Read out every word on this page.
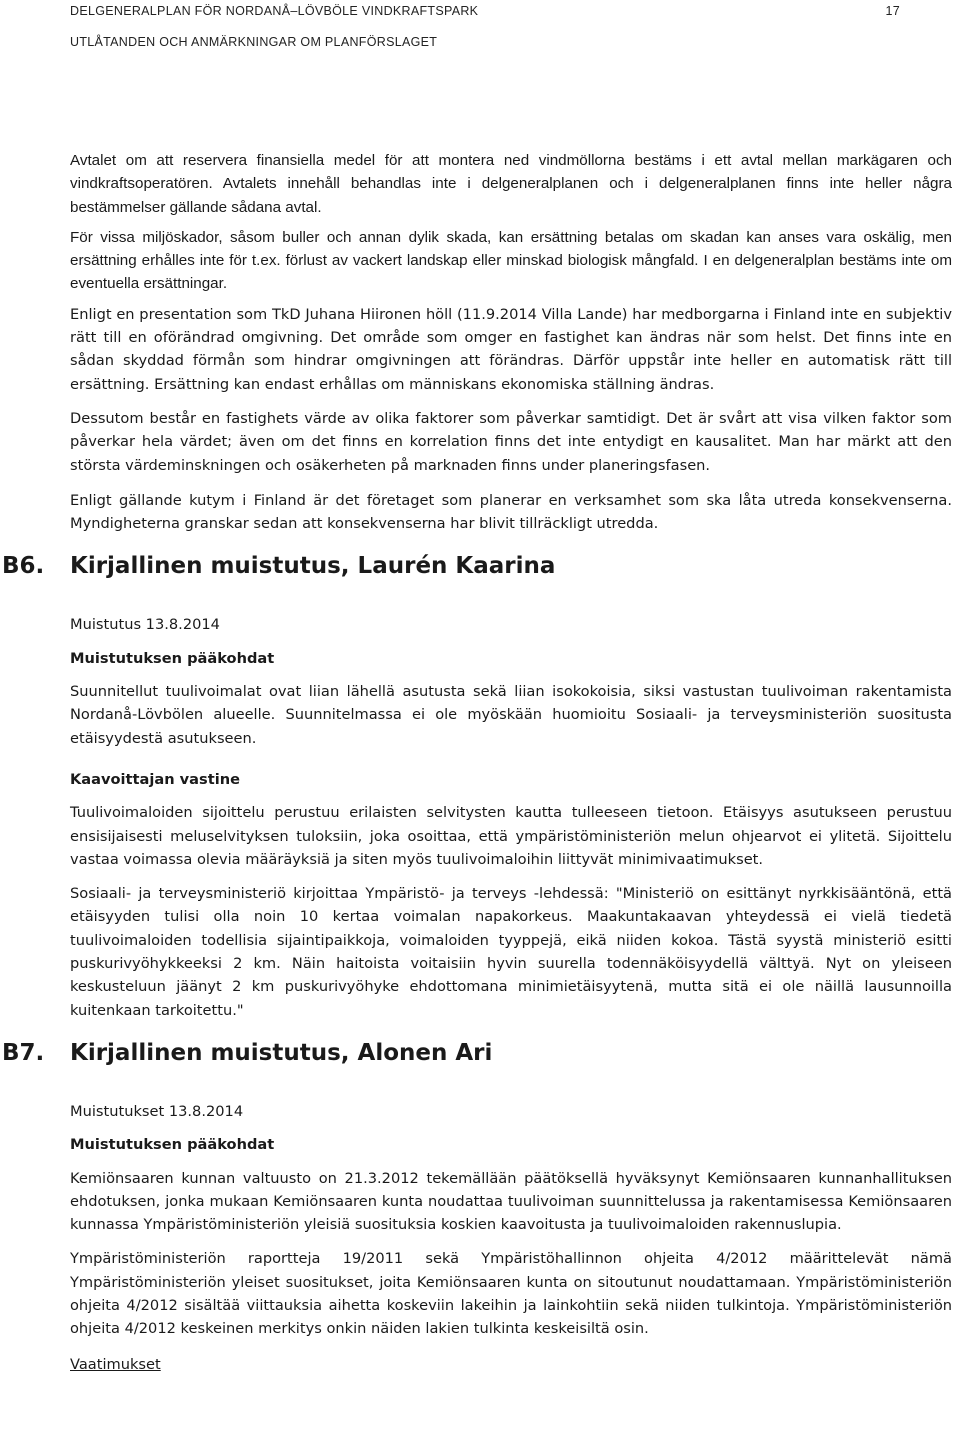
DELGENERALPLAN FÖR NORDANÅ–LÖVBÖLE VINDKRAFTSPARK	17
UTLÅTANDEN OCH ANMÄRKNINGAR OM PLANFÖRSLAGET

Avtalet om att reservera finansiella medel för att montera ned vindmöllorna bestäms i ett avtal mellan markägaren och vindkraftsoperatören. Avtalets innehåll behandlas inte i delgeneralplanen och i delgeneralplanen finns inte heller några bestämmelser gällande sådana avtal.

För vissa miljöskador, såsom buller och annan dylik skada, kan ersättning betalas om skadan kan anses vara oskälig, men ersättning erhålles inte för t.ex. förlust av vackert landskap eller minskad biologisk mångfald. I en delgeneralplan bestäms inte om eventuella ersättningar.

Enligt en presentation som TkD Juhana Hiironen höll (11.9.2014 Villa Lande) har medborgarna i Finland inte en subjektiv rätt till en oförändrad omgivning. Det område som omger en fastighet kan ändras när som helst. Det finns inte en sådan skyddad förmån som hindrar omgivningen att förändras. Därför uppstår inte heller en automatisk rätt till ersättning. Ersättning kan endast erhållas om människans ekonomiska ställning ändras.

Dessutom består en fastighets värde av olika faktorer som påverkar samtidigt. Det är svårt att visa vilken faktor som påverkar hela värdet; även om det finns en korrelation finns det inte entydigt en kausalitet. Man har märkt att den största värdeminskningen och osäkerheten på marknaden finns under planeringsfasen.

Enligt gällande kutym i Finland är det företaget som planerar en verksamhet som ska låta utreda konsekvenserna. Myndigheterna granskar sedan att konsekvenserna har blivit tillräckligt utredda.

B6. Kirjallinen muistutus, Laurén Kaarina
Muistutus 13.8.2014
Muistutuksen pääkohdat

Suunnitellut tuulivoimalat ovat liian lähellä asutusta sekä liian isokokoisia, siksi vastustan tuulivoiman rakentamista Nordanå-Lövbölen alueelle. Suunnitelmassa ei ole myöskään huomioitu Sosiaali- ja terveysministeriön suositusta etäisyydestä asutukseen.

Kaavoittajan vastine

Tuulivoimaloiden sijoittelu perustuu erilaisten selvitysten kautta tulleeseen tietoon. Etäisyys asutukseen perustuu ensisijaisesti meluselvityksen tuloksiin, joka osoittaa, että ympäristöministeriön melun ohjearvot ei ylitetä. Sijoittelu vastaa voimassa olevia määräyksiä ja siten myös tuulivoimaloihin liittyvät minimivaatimukset.

Sosiaali- ja terveysministeriö kirjoittaa Ympäristö- ja terveys -lehdessä: "Ministeriö on esittänyt nyrkkisääntönä, että etäisyyden tulisi olla noin 10 kertaa voimalan napakorkeus. Maakuntakaavan yhteydessä ei vielä tiedetä tuulivoimaloiden todellisia sijaintipaikkoja, voimaloiden tyyppejä, eikä niiden kokoa. Tästä syystä ministeriö esitti puskurivyöhykkeeksi 2 km. Näin haitoista voitaisiin hyvin suurella todennäköisyydellä välttyä. Nyt on yleiseen keskusteluun jäänyt 2 km puskurivyöhyke ehdottomana minimietäisyytenä, mutta sitä ei ole näillä lausunnoilla kuitenkaan tarkoitettu."

B7. Kirjallinen muistutus, Alonen Ari
Muistutukset 13.8.2014
Muistutuksen pääkohdat

Kemiönsaaren kunnan valtuusto on 21.3.2012 tekemällään päätöksellä hyväksynyt Kemiönsaaren kunnanhallituksen ehdotuksen, jonka mukaan Kemiönsaaren kunta noudattaa tuulivoiman suunnittelussa ja rakentamisessa Kemiönsaaren kunnassa Ympäristöministeriön yleisiä suosituksia koskien kaavoitusta ja tuulivoimaloiden rakennuslupia.

Ympäristöministeriön raportteja 19/2011 sekä Ympäristöhallinnon ohjeita 4/2012 määrittelevät nämä Ympäristöministeriön yleiset suositukset, joita Kemiönsaaren kunta on sitoutunut noudattamaan. Ympäristöministeriön ohjeita 4/2012 sisältää viittauksia aihetta koskeviin lakeihin ja lainkohtiin sekä niiden tulkintoja. Ympäristöministeriön ohjeita 4/2012 keskeinen merkitys onkin näiden lakien tulkinta keskeisiltä osin.

Vaatimukset
